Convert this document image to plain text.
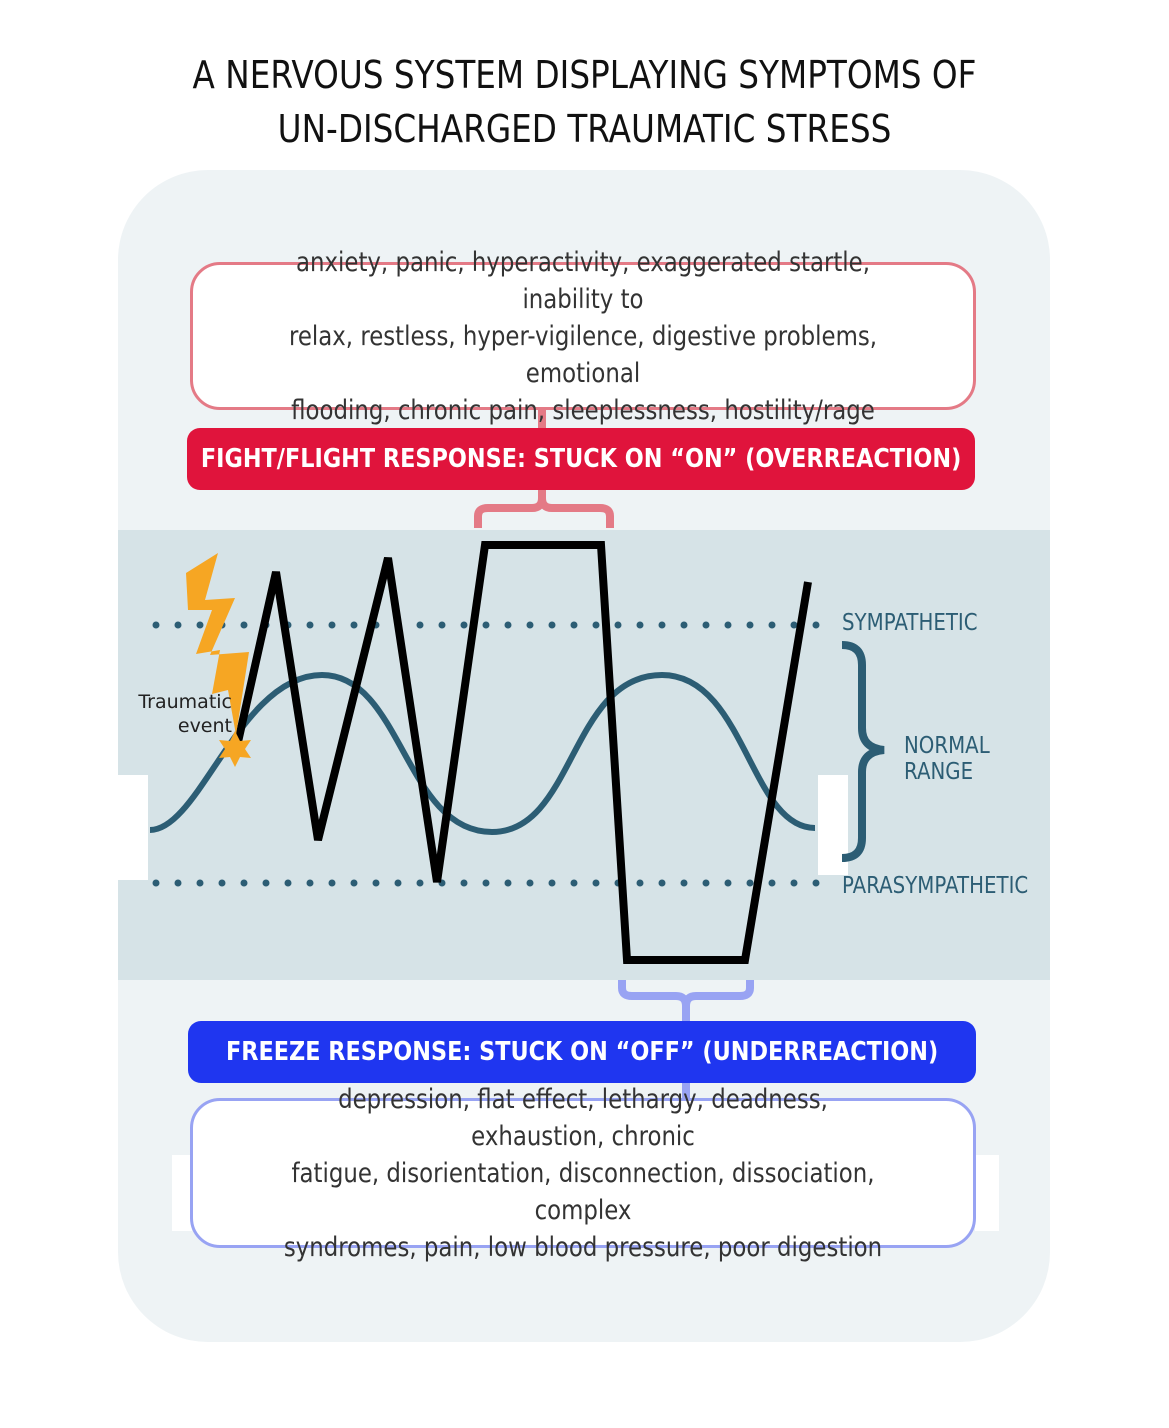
A NERVOUS SYSTEM DISPLAYING SYMPTOMS OF
UN-DISCHARGED TRAUMATIC STRESS
anxiety, panic, hyperactivity, exaggerated startle, inability to
relax, restless, hyper-vigilence, digestive problems, emotional
flooding, chronic pain, sleeplessness, hostility/rage
FIGHT/FLIGHT RESPONSE: STUCK ON “ON” (OVERREACTION)
FREEZE RESPONSE: STUCK ON “OFF” (UNDERREACTION)
depression, flat effect, lethargy, deadness, exhaustion, chronic
fatigue, disorientation, disconnection, dissociation, complex
syndromes, pain, low blood pressure, poor digestion
SYMPATHETIC
NORMAL
RANGE
PARASYMPATHETIC
Traumatic
event
